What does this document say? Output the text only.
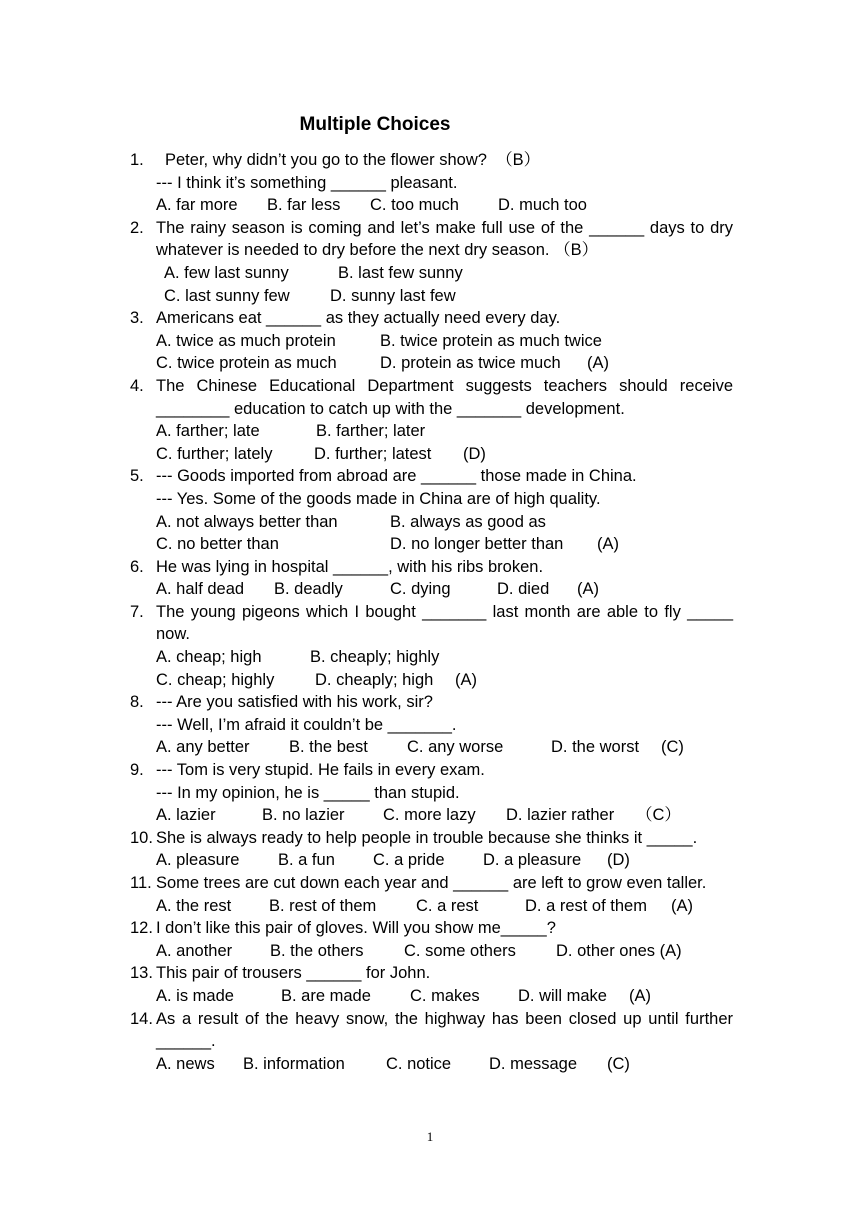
Multiple Choices
1.	Peter, why didn’t you go to the flower show?  （B）
--- I think it’s something ______ pleasant.
A. far more B. far less C. too much D. much too
2. The rainy season is coming and let’s make full use of the ______ days to dry whatever is needed to dry before the next dry season. （B）
A. few last sunny	B. last few sunny
C. last sunny few D. sunny last few
3. Americans eat ______ as they actually need every day.
A. twice as much protein	B. twice protein as much twice
C. twice protein as much	D. protein as twice much (A)
4. The Chinese Educational Department suggests teachers should receive ________ education to catch up with the _______ development.
A. farther; late	B. farther; later
C. further; lately	D. further; latest (D)
5. --- Goods imported from abroad are ______ those made in China.
--- Yes. Some of the goods made in China are of high quality.
A. not always better than	B. always as good as
C. no better than	D. no longer better than (A)
6. He was lying in hospital ______, with his ribs broken.
A. half dead B. deadly	C. dying	D. died (A)
7. The young pigeons which I bought _______ last month are able to fly _____ now.
A. cheap; high	B. cheaply; highly
C. cheap; highly D. cheaply; high (A)
8. --- Are you satisfied with his work, sir?
--- Well, I’m afraid it couldn’t be _______.
A. any better B. the best C. any worse	D. the worst (C)
9. --- Tom is very stupid. He fails in every exam.
--- In my opinion, he is _____ than stupid.
A. lazier	B. no lazier C. more lazy D. lazier rather （C）
10. She is always ready to help people in trouble because she thinks it _____.
A. pleasure B. a fun C. a pride D. a pleasure (D)
11. Some trees are cut down each year and ______ are left to grow even taller.
A. the rest B. rest of them C. a rest	D. a rest of them (A)
12. I don’t like this pair of gloves. Will you show me_____?
A. another B. the others C. some others D. other ones (A)
13. This pair of trousers ______ for John.
A. is made	B. are made C. makes D. will make (A)
14. As a result of the heavy snow, the highway has been closed up until further ______.
A. news B. information C. notice D. message (C)
1
